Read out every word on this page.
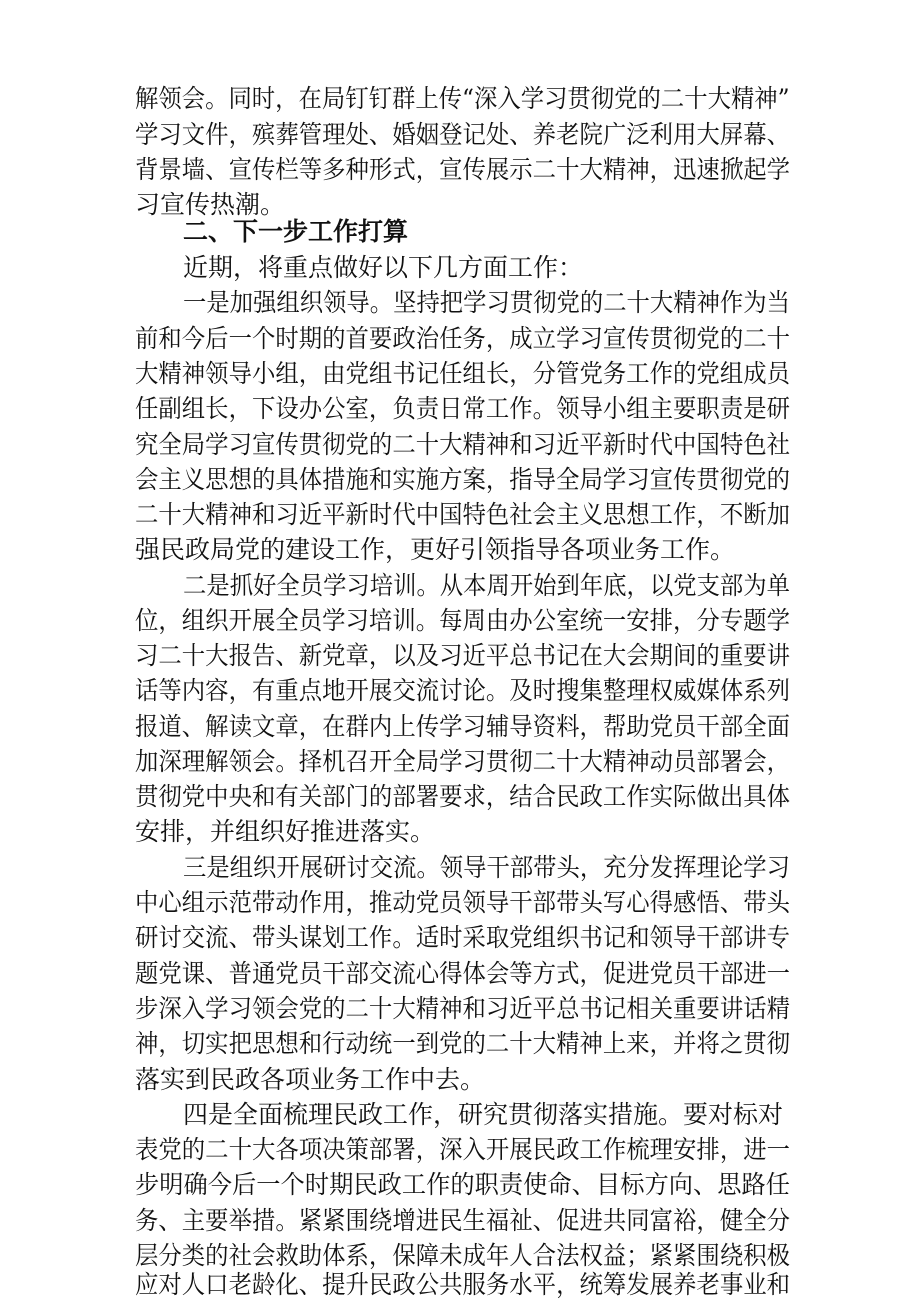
解领会。同时，在局钉钉群上传“深入学习贯彻党的二十大精神”

学习文件，殡葬管理处、婚姻登记处、养老院广泛利用大屏幕、

背景墙、宣传栏等多种形式，宣传展示二十大精神，迅速掀起学

习宣传热潮。

二、下一步工作打算

近期，将重点做好以下几方面工作：

一是加强组织领导。坚持把学习贯彻党的二十大精神作为当

前和今后一个时期的首要政治任务，成立学习宣传贯彻党的二十

大精神领导小组，由党组书记任组长，分管党务工作的党组成员

任副组长，下设办公室，负责日常工作。领导小组主要职责是研

究全局学习宣传贯彻党的二十大精神和习近平新时代中国特色社

会主义思想的具体措施和实施方案，指导全局学习宣传贯彻党的

二十大精神和习近平新时代中国特色社会主义思想工作，不断加

强民政局党的建设工作，更好引领指导各项业务工作。

二是抓好全员学习培训。从本周开始到年底，以党支部为单

位，组织开展全员学习培训。每周由办公室统一安排，分专题学

习二十大报告、新党章，以及习近平总书记在大会期间的重要讲

话等内容，有重点地开展交流讨论。及时搜集整理权威媒体系列

报道、解读文章，在群内上传学习辅导资料，帮助党员干部全面

加深理解领会。择机召开全局学习贯彻二十大精神动员部署会，

贯彻党中央和有关部门的部署要求，结合民政工作实际做出具体

安排，并组织好推进落实。

三是组织开展研讨交流。领导干部带头，充分发挥理论学习

中心组示范带动作用，推动党员领导干部带头写心得感悟、带头

研讨交流、带头谋划工作。适时采取党组织书记和领导干部讲专

题党课、普通党员干部交流心得体会等方式，促进党员干部进一

步深入学习领会党的二十大精神和习近平总书记相关重要讲话精

神，切实把思想和行动统一到党的二十大精神上来，并将之贯彻

落实到民政各项业务工作中去。

四是全面梳理民政工作，研究贯彻落实措施。要对标对

表党的二十大各项决策部署，深入开展民政工作梳理安排，进一

步明确今后一个时期民政工作的职责使命、目标方向、思路任

务、主要举措。紧紧围绕增进民生福祉、促进共同富裕，健全分

层分类的社会救助体系，保障未成年人合法权益；紧紧围绕积极

应对人口老龄化、提升民政公共服务水平，统筹发展养老事业和
